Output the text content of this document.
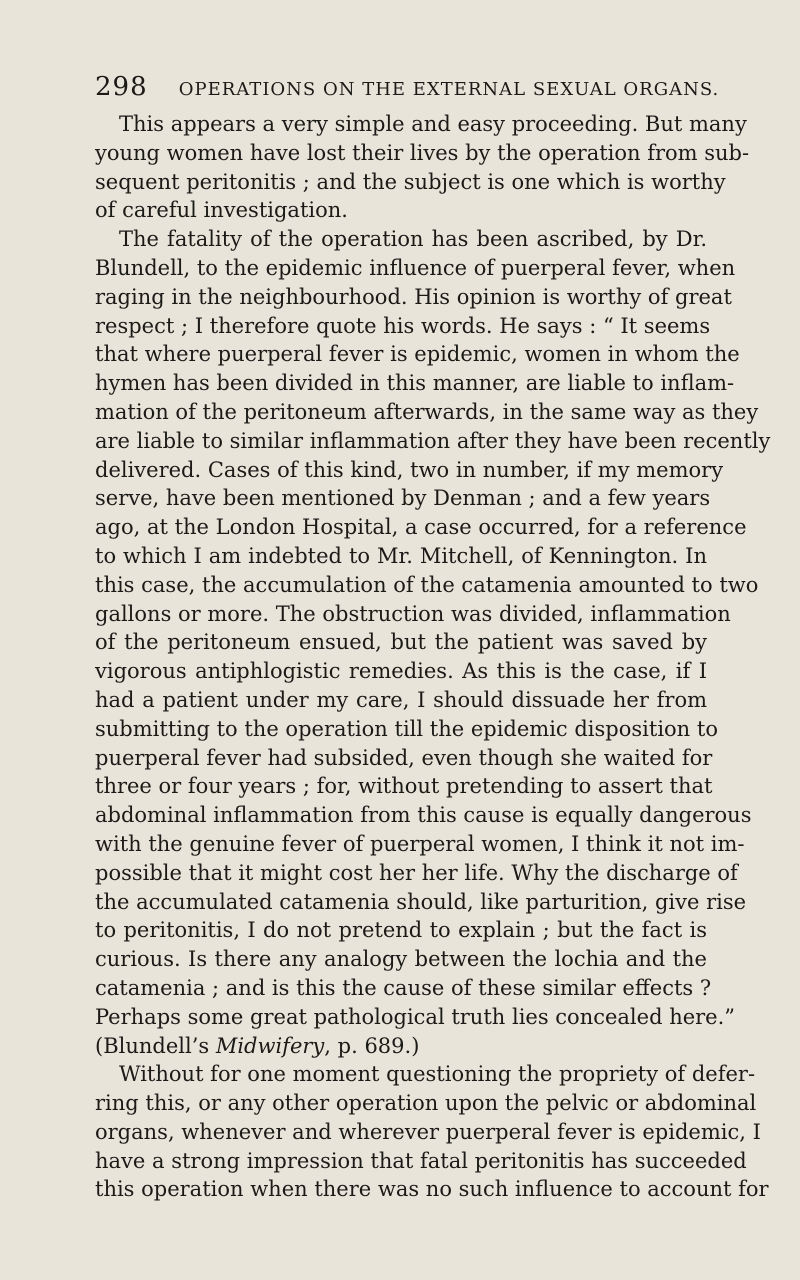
298 OPERATIONS ON THE EXTERNAL SEXUAL ORGANS.
This appears a very simple and easy proceeding. But many
young women have lost their lives by the operation from sub-
sequent peritonitis ; and the subject is one which is worthy
of careful investigation.
The fatality of the operation has been ascribed, by Dr.
Blundell, to the epidemic influence of puerperal fever, when
raging in the neighbourhood. His opinion is worthy of great
respect ; I therefore quote his words. He says : “ It seems
that where puerperal fever is epidemic, women in whom the
hymen has been divided in this manner, are liable to inflam-
mation of the peritoneum afterwards, in the same way as they
are liable to similar inflammation after they have been recently
delivered. Cases of this kind, two in number, if my memory
serve, have been mentioned by Denman ; and a few years
ago, at the London Hospital, a case occurred, for a reference
to which I am indebted to Mr. Mitchell, of Kennington. In
this case, the accumulation of the catamenia amounted to two
gallons or more. The obstruction was divided, inflammation
of the peritoneum ensued, but the patient was saved by
vigorous antiphlogistic remedies. As this is the case, if I
had a patient under my care, I should dissuade her from
submitting to the operation till the epidemic disposition to
puerperal fever had subsided, even though she waited for
three or four years ; for, without pretending to assert that
abdominal inflammation from this cause is equally dangerous
with the genuine fever of puerperal women, I think it not im-
possible that it might cost her her life. Why the discharge of
the accumulated catamenia should, like parturition, give rise
to peritonitis, I do not pretend to explain ; but the fact is
curious. Is there any analogy between the lochia and the
catamenia ; and is this the cause of these similar effects ?
Perhaps some great pathological truth lies concealed here.”
(Blundell’s Midwifery, p. 689.)
Without for one moment questioning the propriety of defer-
ring this, or any other operation upon the pelvic or abdominal
organs, whenever and wherever puerperal fever is epidemic, I
have a strong impression that fatal peritonitis has succeeded
this operation when there was no such influence to account for
